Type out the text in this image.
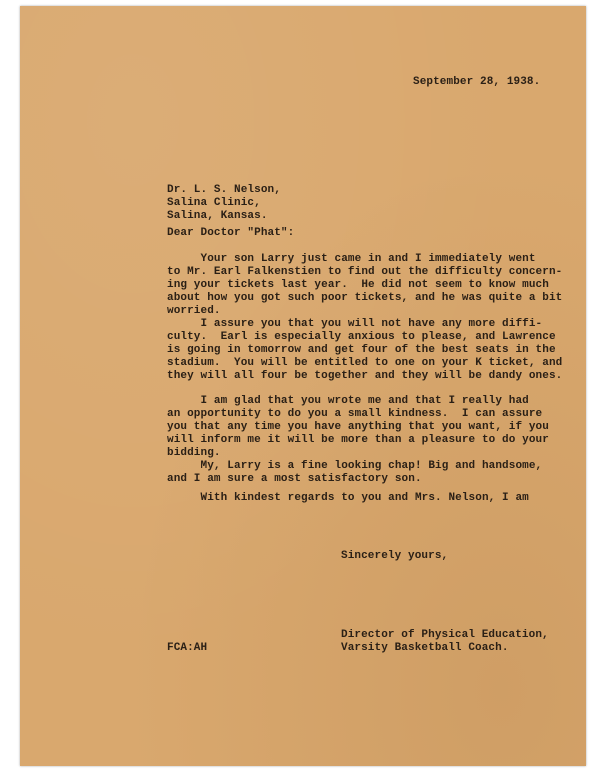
September 28, 1938.

Dr. L. S. Nelson,
Salina Clinic,
Salina, Kansas.

Dear Doctor "Phat":

Your son Larry just came in and I immediately went
to Mr. Earl Falkenstien to find out the difficulty concern-
ing your tickets last year.  He did not seem to know much
about how you got such poor tickets, and he was quite a bit
worried.

I assure you that you will not have any more diffi-
culty.  Earl is especially anxious to please, and Lawrence
is going in tomorrow and get four of the best seats in the
stadium.  You will be entitled to one on your K ticket, and
they will all four be together and they will be dandy ones.

I am glad that you wrote me and that I really had
an opportunity to do you a small kindness.  I can assure
you that any time you have anything that you want, if you
will inform me it will be more than a pleasure to do your
bidding.

My, Larry is a fine looking chap! Big and handsome,
and I am sure a most satisfactory son.

With kindest regards to you and Mrs. Nelson, I am

Sincerely yours,

Director of Physical Education,
Varsity Basketball Coach.

FCA:AH
